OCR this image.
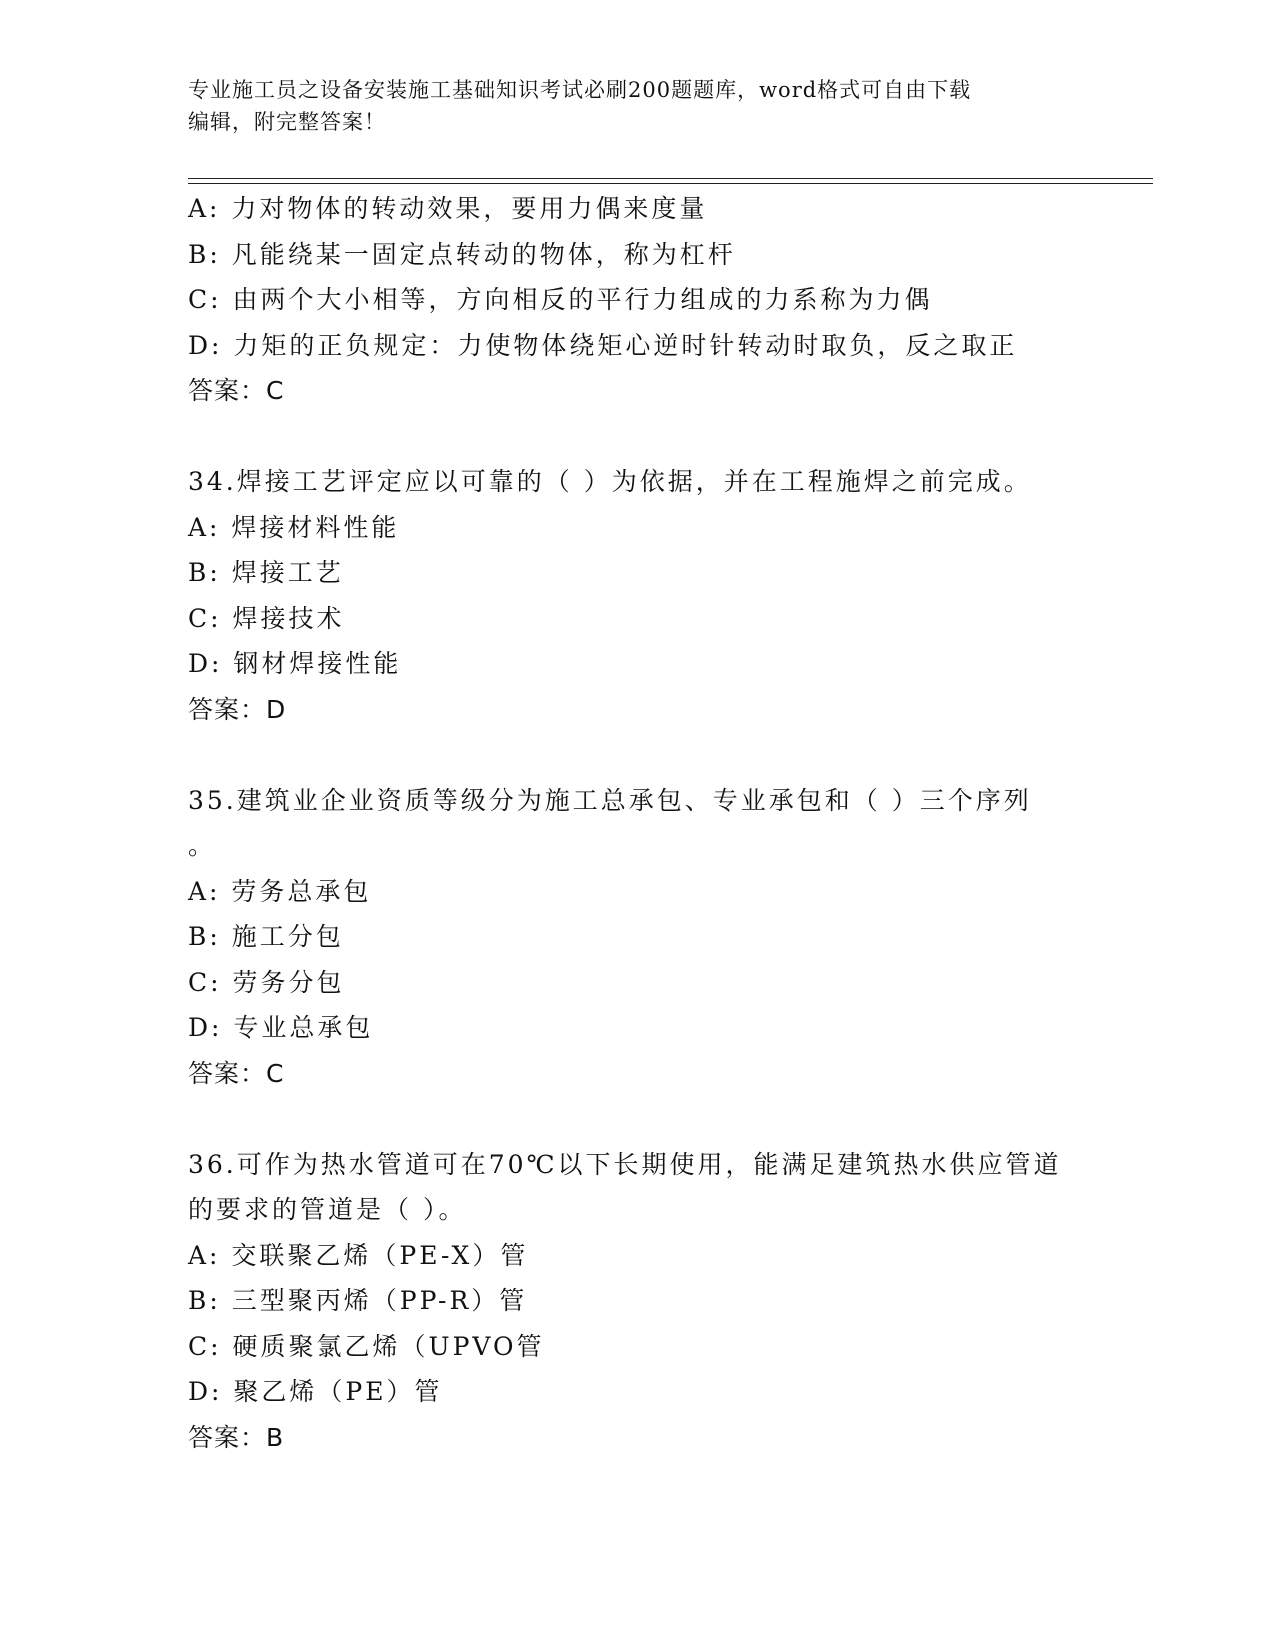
专业施工员之设备安装施工基础知识考试必刷200题题库，word格式可自由下载
编辑，附完整答案！
A: 力对物体的转动效果，要用力偶来度量
B: 凡能绕某一固定点转动的物体，称为杠杆
C: 由两个大小相等，方向相反的平行力组成的力系称为力偶
D: 力矩的正负规定：力使物体绕矩心逆时针转动时取负，反之取正
答案：C
34.焊接工艺评定应以可靠的（ ）为依据，并在工程施焊之前完成。
A: 焊接材料性能
B: 焊接工艺
C: 焊接技术
D: 钢材焊接性能
答案：D
35.建筑业企业资质等级分为施工总承包、专业承包和（ ）三个序列
。
A: 劳务总承包
B: 施工分包
C: 劳务分包
D: 专业总承包
答案：C
36.可作为热水管道可在70℃以下长期使用，能满足建筑热水供应管道
的要求的管道是（ ）。
A: 交联聚乙烯（PE-X）管
B: 三型聚丙烯（PP-R）管
C: 硬质聚氯乙烯（UPVO管
D: 聚乙烯（PE）管
答案：B
